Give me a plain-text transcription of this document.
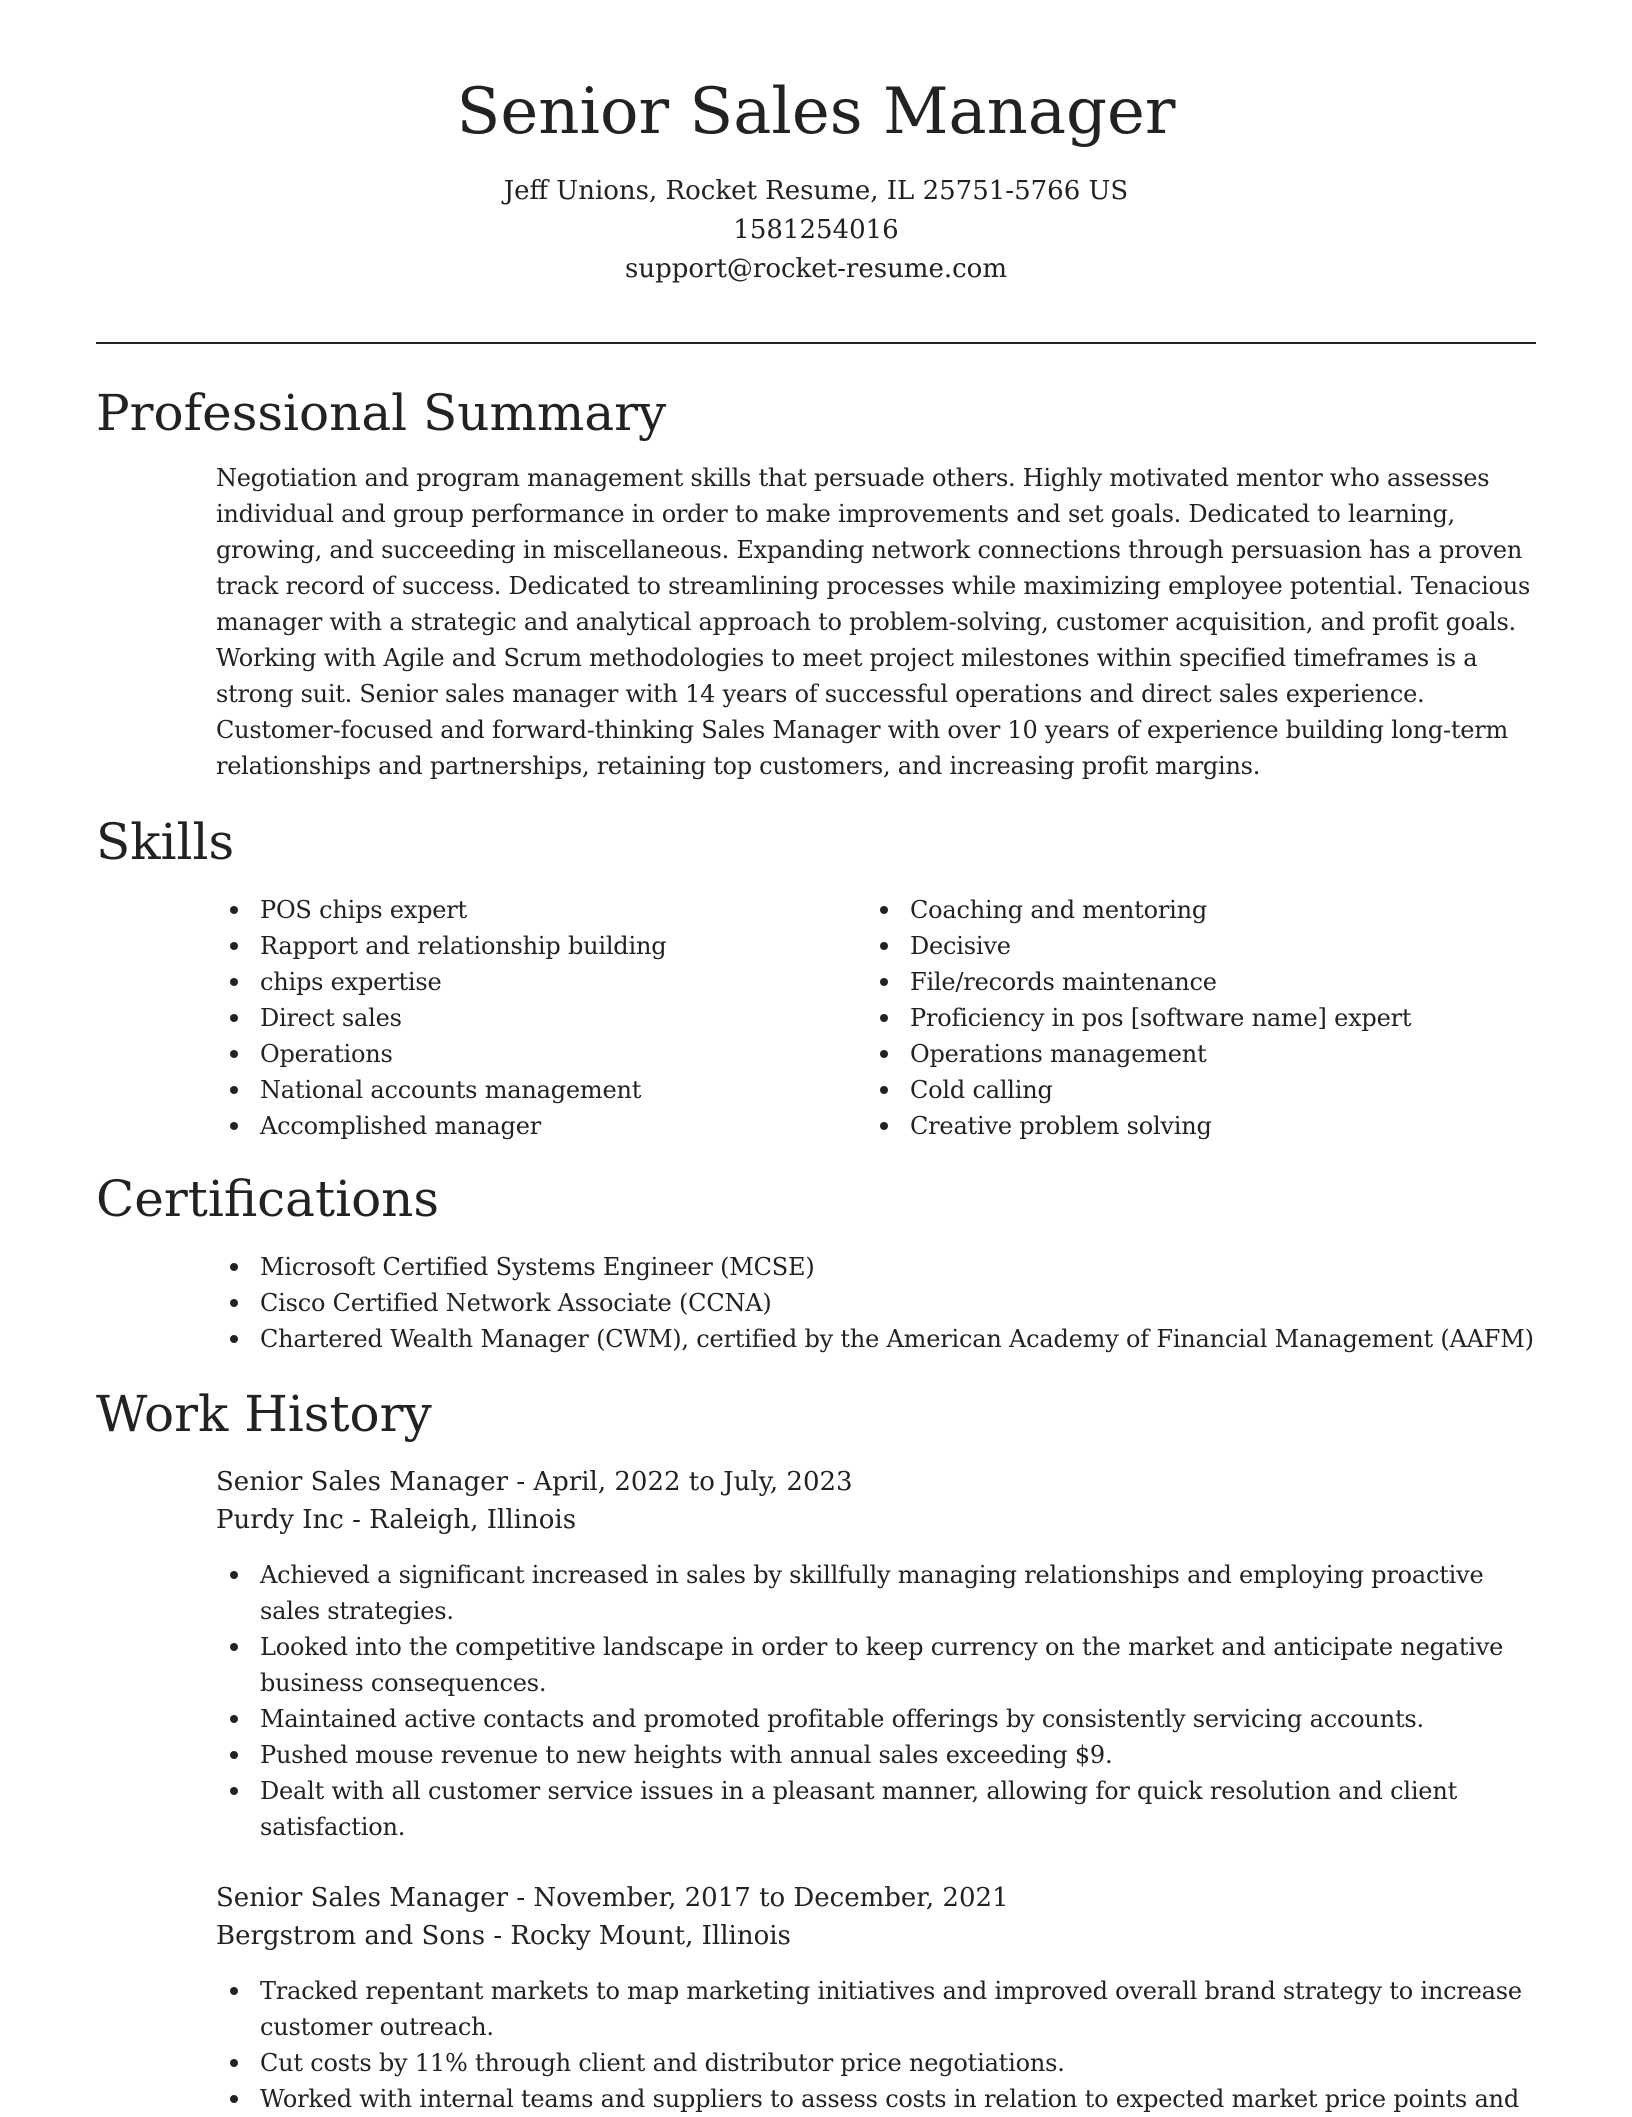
Senior Sales Manager
Jeff Unions, Rocket Resume, IL 25751-5766 US
1581254016
support@rocket-resume.com
Professional Summary

Negotiation and program management skills that persuade others. Highly motivated mentor who assesses individual and group performance in order to make improvements and set goals. Dedicated to learning, growing, and succeeding in miscellaneous. Expanding network connections through persuasion has a proven track record of success. Dedicated to streamlining processes while maximizing employee potential. Tenacious manager with a strategic and analytical approach to problem-solving, customer acquisition, and profit goals. Working with Agile and Scrum methodologies to meet project milestones within specified timeframes is a strong suit. Senior sales manager with 14 years of successful operations and direct sales experience. Customer-focused and forward-thinking Sales Manager with over 10 years of experience building long-term relationships and partnerships, retaining top customers, and increasing profit margins.

Skills
POS chips expert
Rapport and relationship building
chips expertise
Direct sales
Operations
National accounts management
Accomplished manager
Coaching and mentoring
Decisive
File/records maintenance
Proficiency in pos [software name] expert
Operations management
Cold calling
Creative problem solving
Certifications
Microsoft Certified Systems Engineer (MCSE)
Cisco Certified Network Associate (CCNA)
Chartered Wealth Manager (CWM), certified by the American Academy of Financial Management (AAFM)
Work History
Senior Sales Manager - April, 2022 to July, 2023
Purdy Inc - Raleigh, Illinois
Achieved a significant increased in sales by skillfully managing relationships and employing proactive sales strategies.
Looked into the competitive landscape in order to keep currency on the market and anticipate negative business consequences.
Maintained active contacts and promoted profitable offerings by consistently servicing accounts.
Pushed mouse revenue to new heights with annual sales exceeding $9.
Dealt with all customer service issues in a pleasant manner, allowing for quick resolution and client satisfaction.
Senior Sales Manager - November, 2017 to December, 2021
Bergstrom and Sons - Rocky Mount, Illinois
Tracked repentant markets to map marketing initiatives and improved overall brand strategy to increase customer outreach.
Cut costs by 11% through client and distributor price negotiations.
Worked with internal teams and suppliers to assess costs in relation to expected market price points and
